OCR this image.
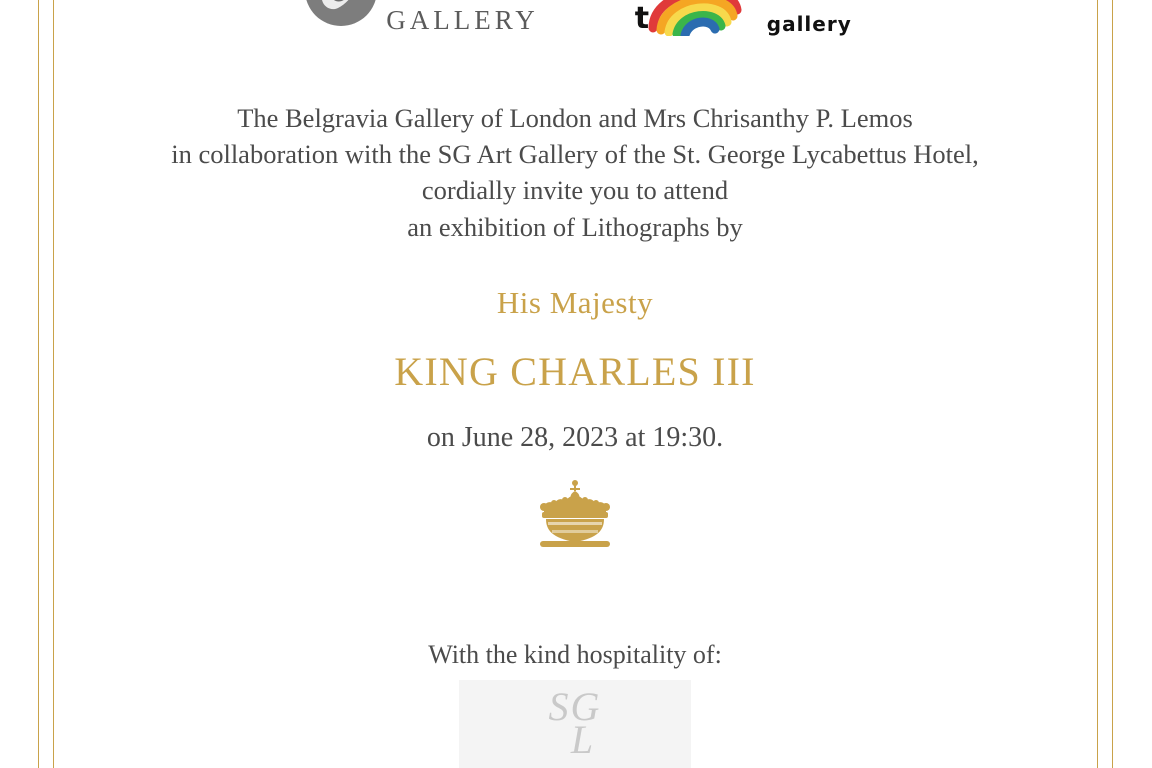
GALLERY	t	gallery
The Belgravia Gallery of London and Mrs Chrisanthy P. Lemos
in collaboration with the SG Art Gallery of the St. George Lycabettus Hotel,
cordially invite you to attend
an exhibition of Lithographs by
His Majesty
KING CHARLES III
on June 28, 2023 at 19:30.
With the kind hospitality of:
SG
L
